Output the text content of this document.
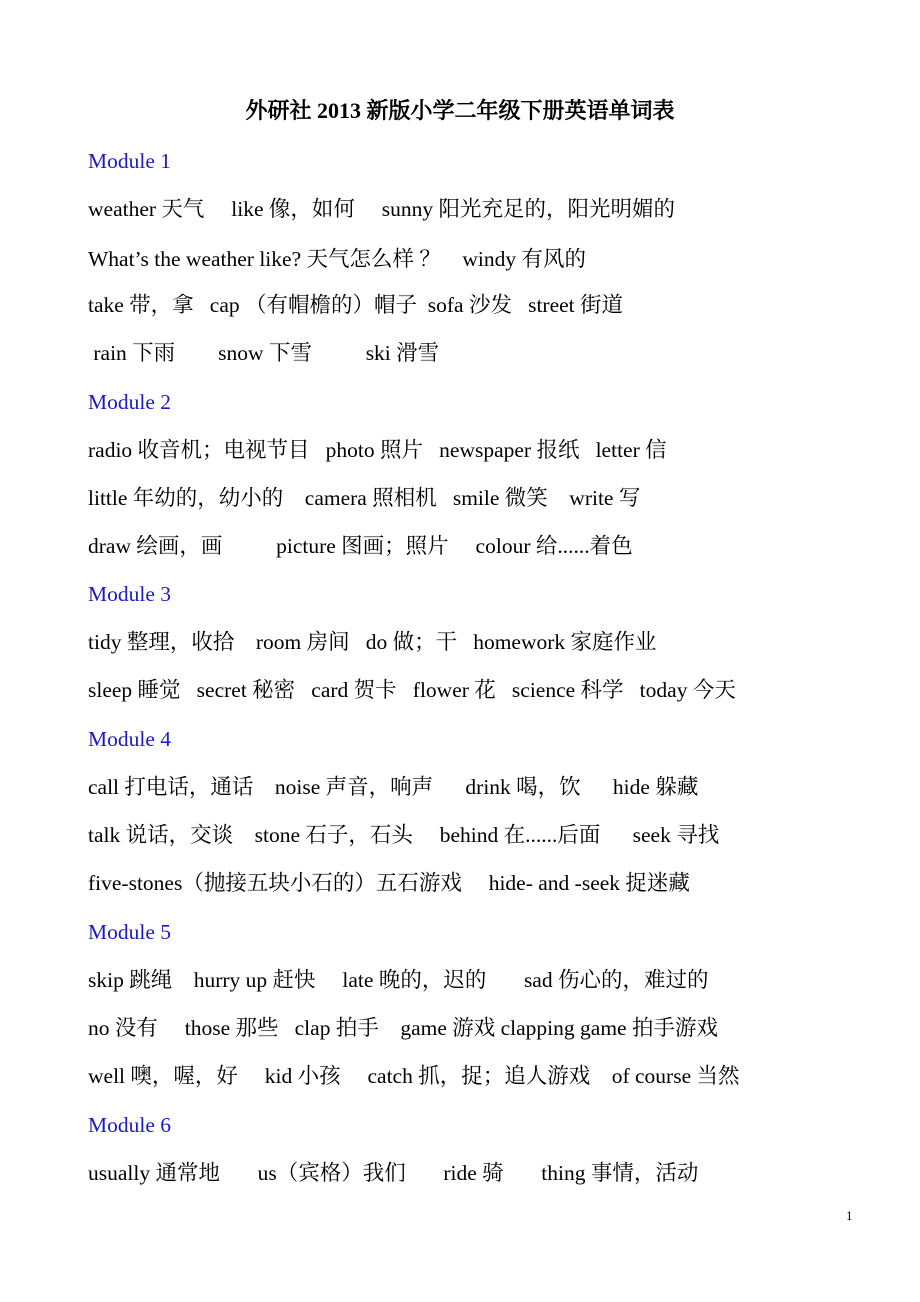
外研社 2013 新版小学二年级下册英语单词表
Module 1
weather 天气     like 像，如何     sunny 阳光充足的，阳光明媚的
What’s the weather like? 天气怎么样 ？    windy 有风的
take 带，拿   cap （有帽檐的）帽子  sofa 沙发   street 街道
rain 下雨        snow 下雪          ski 滑雪
Module 2
radio 收音机；电视节目   photo 照片   newspaper 报纸   letter 信
little 年幼的，幼小的    camera 照相机   smile 微笑    write 写
draw 绘画，画          picture 图画；照片     colour 给......着色
Module 3
tidy 整理，收拾    room 房间   do 做；干   homework 家庭作业
sleep 睡觉   secret 秘密   card 贺卡   flower 花   science 科学   today 今天
Module 4
call 打电话，通话    noise 声音，响声      drink 喝，饮      hide 躲藏
talk 说话，交谈    stone 石子，石头     behind 在......后面      seek 寻找
five-stones（抛接五块小石的）五石游戏     hide- and -seek 捉迷藏
Module 5
skip 跳绳    hurry up 赶快     late 晚的，迟的       sad 伤心的，难过的
no 没有     those 那些   clap 拍手    game 游戏 clapping game 拍手游戏
well 噢，喔，好     kid 小孩     catch 抓，捉；追人游戏    of course 当然
Module 6
usually 通常地       us（宾格）我们       ride 骑       thing 事情，活动
1
